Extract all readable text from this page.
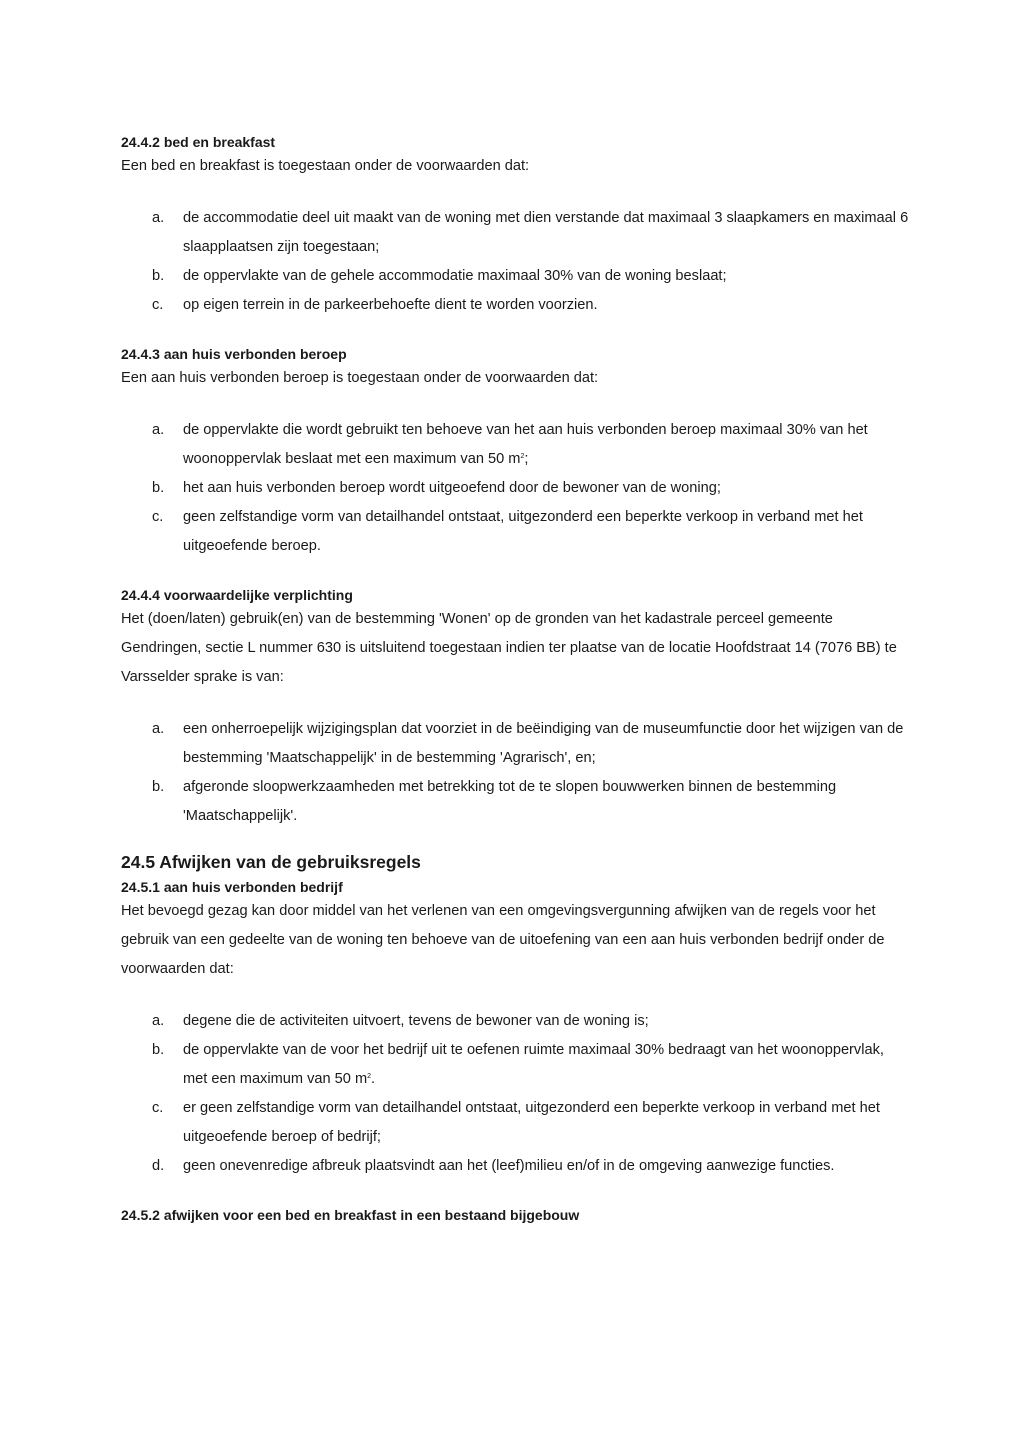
24.4.2 bed en breakfast
Een bed en breakfast is toegestaan onder de voorwaarden dat:
a.	de accommodatie deel uit maakt van de woning met dien verstande dat maximaal 3 slaapkamers en maximaal 6 slaapplaatsen zijn toegestaan;
b.	de oppervlakte van de gehele accommodatie maximaal 30% van de woning beslaat;
c.	op eigen terrein in de parkeerbehoefte dient te worden voorzien.
24.4.3 aan huis verbonden beroep
Een aan huis verbonden beroep is toegestaan onder de voorwaarden dat:
a.	de oppervlakte die wordt gebruikt ten behoeve van het aan huis verbonden beroep maximaal 30% van het woonoppervlak beslaat met een maximum van 50 $m^2$;
b.	het aan huis verbonden beroep wordt uitgeoefend door de bewoner van de woning;
c.	geen zelfstandige vorm van detailhandel ontstaat, uitgezonderd een beperkte verkoop in verband met het uitgeoefende beroep.
24.4.4 voorwaardelijke verplichting
Het (doen/laten) gebruik(en) van de bestemming 'Wonen' op de gronden van het kadastrale perceel gemeente Gendringen, sectie L nummer 630 is uitsluitend toegestaan indien ter plaatse van de locatie Hoofdstraat 14 (7076 BB) te Varsselder sprake is van:
a.	een onherroepelijk wijzigingsplan dat voorziet in de beëindiging van de museumfunctie door het wijzigen van de bestemming 'Maatschappelijk' in de bestemming 'Agrarisch', en;
b.	afgeronde sloopwerkzaamheden met betrekking tot de te slopen bouwwerken binnen de bestemming 'Maatschappelijk'.
24.5 Afwijken van de gebruiksregels
24.5.1 aan huis verbonden bedrijf
Het bevoegd gezag kan door middel van het verlenen van een omgevingsvergunning afwijken van de regels voor het gebruik van een gedeelte van de woning ten behoeve van de uitoefening van een aan huis verbonden bedrijf onder de voorwaarden dat:
a.	degene die de activiteiten uitvoert, tevens de bewoner van de woning is;
b.	de oppervlakte van de voor het bedrijf uit te oefenen ruimte maximaal 30% bedraagt van het woonoppervlak, met een maximum van 50 $m^2$.
c.	er geen zelfstandige vorm van detailhandel ontstaat, uitgezonderd een beperkte verkoop in verband met het uitgeoefende beroep of bedrijf;
d.	geen onevenredige afbreuk plaatsvindt aan het (leef)milieu en/of in de omgeving aanwezige functies.
24.5.2 afwijken voor een bed en breakfast in een bestaand bijgebouw
